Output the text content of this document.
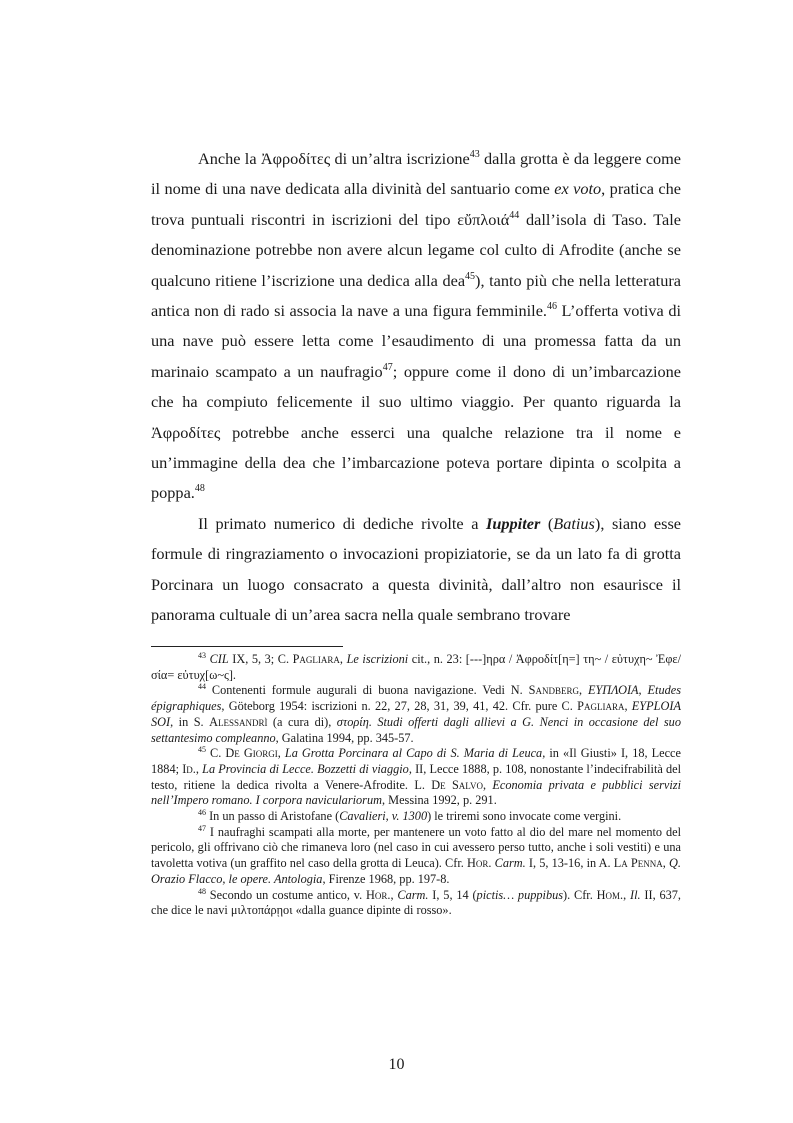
Anche la Ἀφροδίτες di un’altra iscrizione$^{43}$ dalla grotta è da leggere come il nome di una nave dedicata alla divinità del santuario come ex voto, pratica che trova puntuali riscontri in iscrizioni del tipo εὔπλοιά$^{44}$ dall’isola di Taso. Tale denominazione potrebbe non avere alcun legame col culto di Afrodite (anche se qualcuno ritiene l’iscrizione una dedica alla dea$^{45}$), tanto più che nella letteratura antica non di rado si associa la nave a una figura femminile.$^{46}$ L’offerta votiva di una nave può essere letta come l’esaudimento di una promessa fatta da un marinaio scampato a un naufragio$^{47}$; oppure come il dono di un’imbarcazione che ha compiuto felicemente il suo ultimo viaggio. Per quanto riguarda la Ἀφροδίτες potrebbe anche esserci una qualche relazione tra il nome e un’immagine della dea che l’imbarcazione poteva portare dipinta o scolpita a poppa.$^{48}$

Il primato numerico di dediche rivolte a Iuppiter (Batius), siano esse formule di ringraziamento o invocazioni propiziatorie, se da un lato fa di grotta Porcinara un luogo consacrato a questa divinità, dall’altro non esaurisce il panorama cultuale di un’area sacra nella quale sembrano trovare

$^{43}$ CIL IX, 5, 3; C. Pagliara, Le iscrizioni cit., n. 23: [---]ηρα / Ἀφροδίτ[η=] τη~ / εὐτυχη~ Ἐφε/σία= εὐτυχ[ω~ς].

$^{44}$ Contenenti formule augurali di buona navigazione. Vedi N. Sandberg, ΕΥΠΛΟΙΑ, Etudes épigraphiques, Göteborg 1954: iscrizioni n. 22, 27, 28, 31, 39, 41, 42. Cfr. pure C. Pagliara, EYPLOIA SOI, in S. Alessandrì (a cura di), στορίη. Studi offerti dagli allievi a G. Nenci in occasione del suo settantesimo compleanno, Galatina 1994, pp. 345-57.

$^{45}$ C. De Giorgi, La Grotta Porcinara al Capo di S. Maria di Leuca, in «Il Giusti» I, 18, Lecce 1884; Id., La Provincia di Lecce. Bozzetti di viaggio, II, Lecce 1888, p. 108, nonostante l’indecifrabilità del testo, ritiene la dedica rivolta a Venere-Afrodite. L. De Salvo, Economia privata e pubblici servizi nell’Impero romano. I corpora naviculariorum, Messina 1992, p. 291.

$^{46}$ In un passo di Aristofane (Cavalieri, v. 1300) le triremi sono invocate come vergini.

$^{47}$ I naufraghi scampati alla morte, per mantenere un voto fatto al dio del mare nel momento del pericolo, gli offrivano ciò che rimaneva loro (nel caso in cui avessero perso tutto, anche i soli vestiti) e una tavoletta votiva (un graffito nel caso della grotta di Leuca). Cfr. Hor. Carm. I, 5, 13-16, in A. La Penna, Q. Orazio Flacco, le opere. Antologia, Firenze 1968, pp. 197-8.

$^{48}$ Secondo un costume antico, v. Hor., Carm. I, 5, 14 (pictis… puppibus). Cfr. Hom., Il. II, 637, che dice le navi μιλτοπάρῃοι «dalla guance dipinte di rosso».

10
